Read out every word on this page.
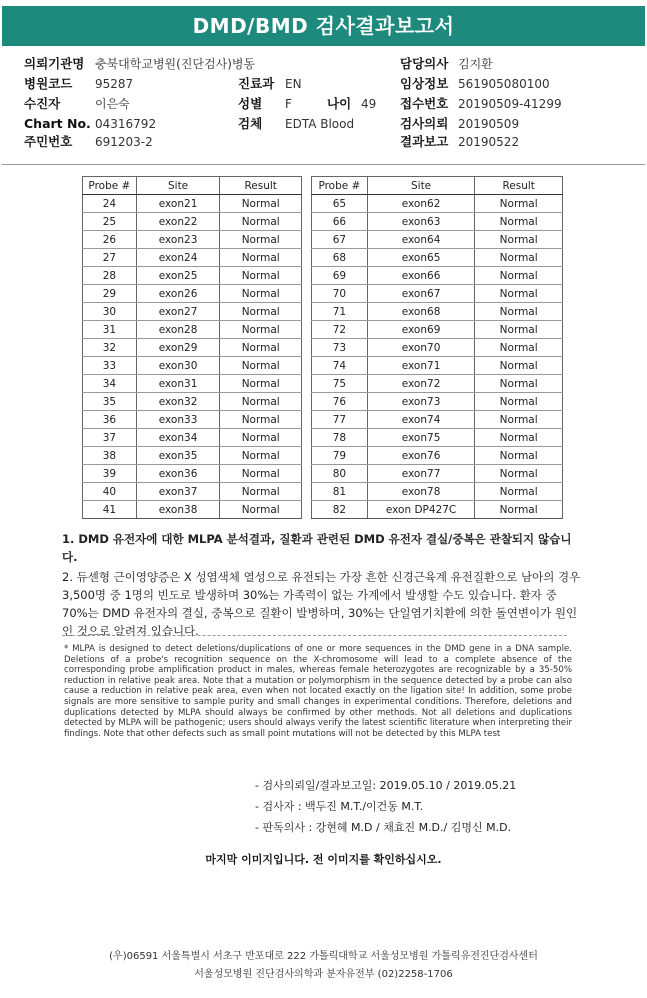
DMD/BMD 검사결과보고서
의뢰기관명 충북대학교병원(진단검사)병동	담당의사 김지환
병원코드 95287	진료과 EN	임상정보 561905080100
수진자	이은숙	성별 F	나이 49 접수번호 20190509-41299
Chart No. 04316792	검체 EDTA Blood	검사의뢰 20190509
주민번호 691203-2	결과보고 20190522
Probe #	Site	Result
24	exon21	Normal
25	exon22	Normal
26	exon23	Normal
27	exon24	Normal
28	exon25	Normal
29	exon26	Normal
30	exon27	Normal
31	exon28	Normal
32	exon29	Normal
33	exon30	Normal
34	exon31	Normal
35	exon32	Normal
36	exon33	Normal
37	exon34	Normal
38	exon35	Normal
39	exon36	Normal
40	exon37	Normal
41	exon38	Normal
Probe #	Site	Result
65	exon62	Normal
66	exon63	Normal
67	exon64	Normal
68	exon65	Normal
69	exon66	Normal
70	exon67	Normal
71	exon68	Normal
72	exon69	Normal
73	exon70	Normal
74	exon71	Normal
75	exon72	Normal
76	exon73	Normal
77	exon74	Normal
78	exon75	Normal
79	exon76	Normal
80	exon77	Normal
81	exon78	Normal
82	exon DP427C	Normal

1. DMD 유전자에 대한 MLPA 분석결과, 질환과 관련된 DMD 유전자 결실/중복은 관찰되지 않습니다.

2. 듀센형 근이영양증은 X 성염색체 열성으로 유전되는 가장 흔한 신경근육계 유전질환으로 남아의 경우 3,500명 중 1명의 빈도로 발생하며 30%는 가족력이 없는 가계에서 발생할 수도 있습니다. 환자 중 70%는 DMD 유전자의 결실, 중복으로 질환이 발병하며, 30%는 단일염기치환에 의한 돌연변이가 원인인 것으로 알려져 있습니다.

* MLPA is designed to detect deletions/duplications of one or more sequences in the DMD gene in a DNA sample. Deletions of a probe's recognition sequence on the X-chromosome will lead to a complete absence of the corresponding probe amplification product in males, whereas female heterozygotes are recognizable by a 35-50% reduction in relative peak area. Note that a mutation or polymorphism in the sequence detected by a probe can also cause a reduction in relative peak area, even when not located exactly on the ligation site! In addition, some probe signals are more sensitive to sample purity and small changes in experimental conditions. Therefore, deletions and duplications detected by MLPA should always be confirmed by other methods. Not all deletions and duplications detected by MLPA will be pathogenic; users should always verify the latest scientific literature when interpreting their findings. Note that other defects such as small point mutations will not be detected by this MLPA test
- 검사의뢰일/결과보고일: 2019.05.10 / 2019.05.21
- 검사자 : 백두진 M.T./이건동 M.T.
- 판독의사 : 강현혜 M.D / 채효진 M.D./ 김명신 M.D.
마지막 이미지입니다. 전 이미지를 확인하십시오.
(우)06591 서울특별시 서초구 반포대로 222 가톨릭대학교 서울성모병원 가톨릭유전진단검사센터
서울성모병원 진단검사의학과 분자유전부 (02)2258-1706
